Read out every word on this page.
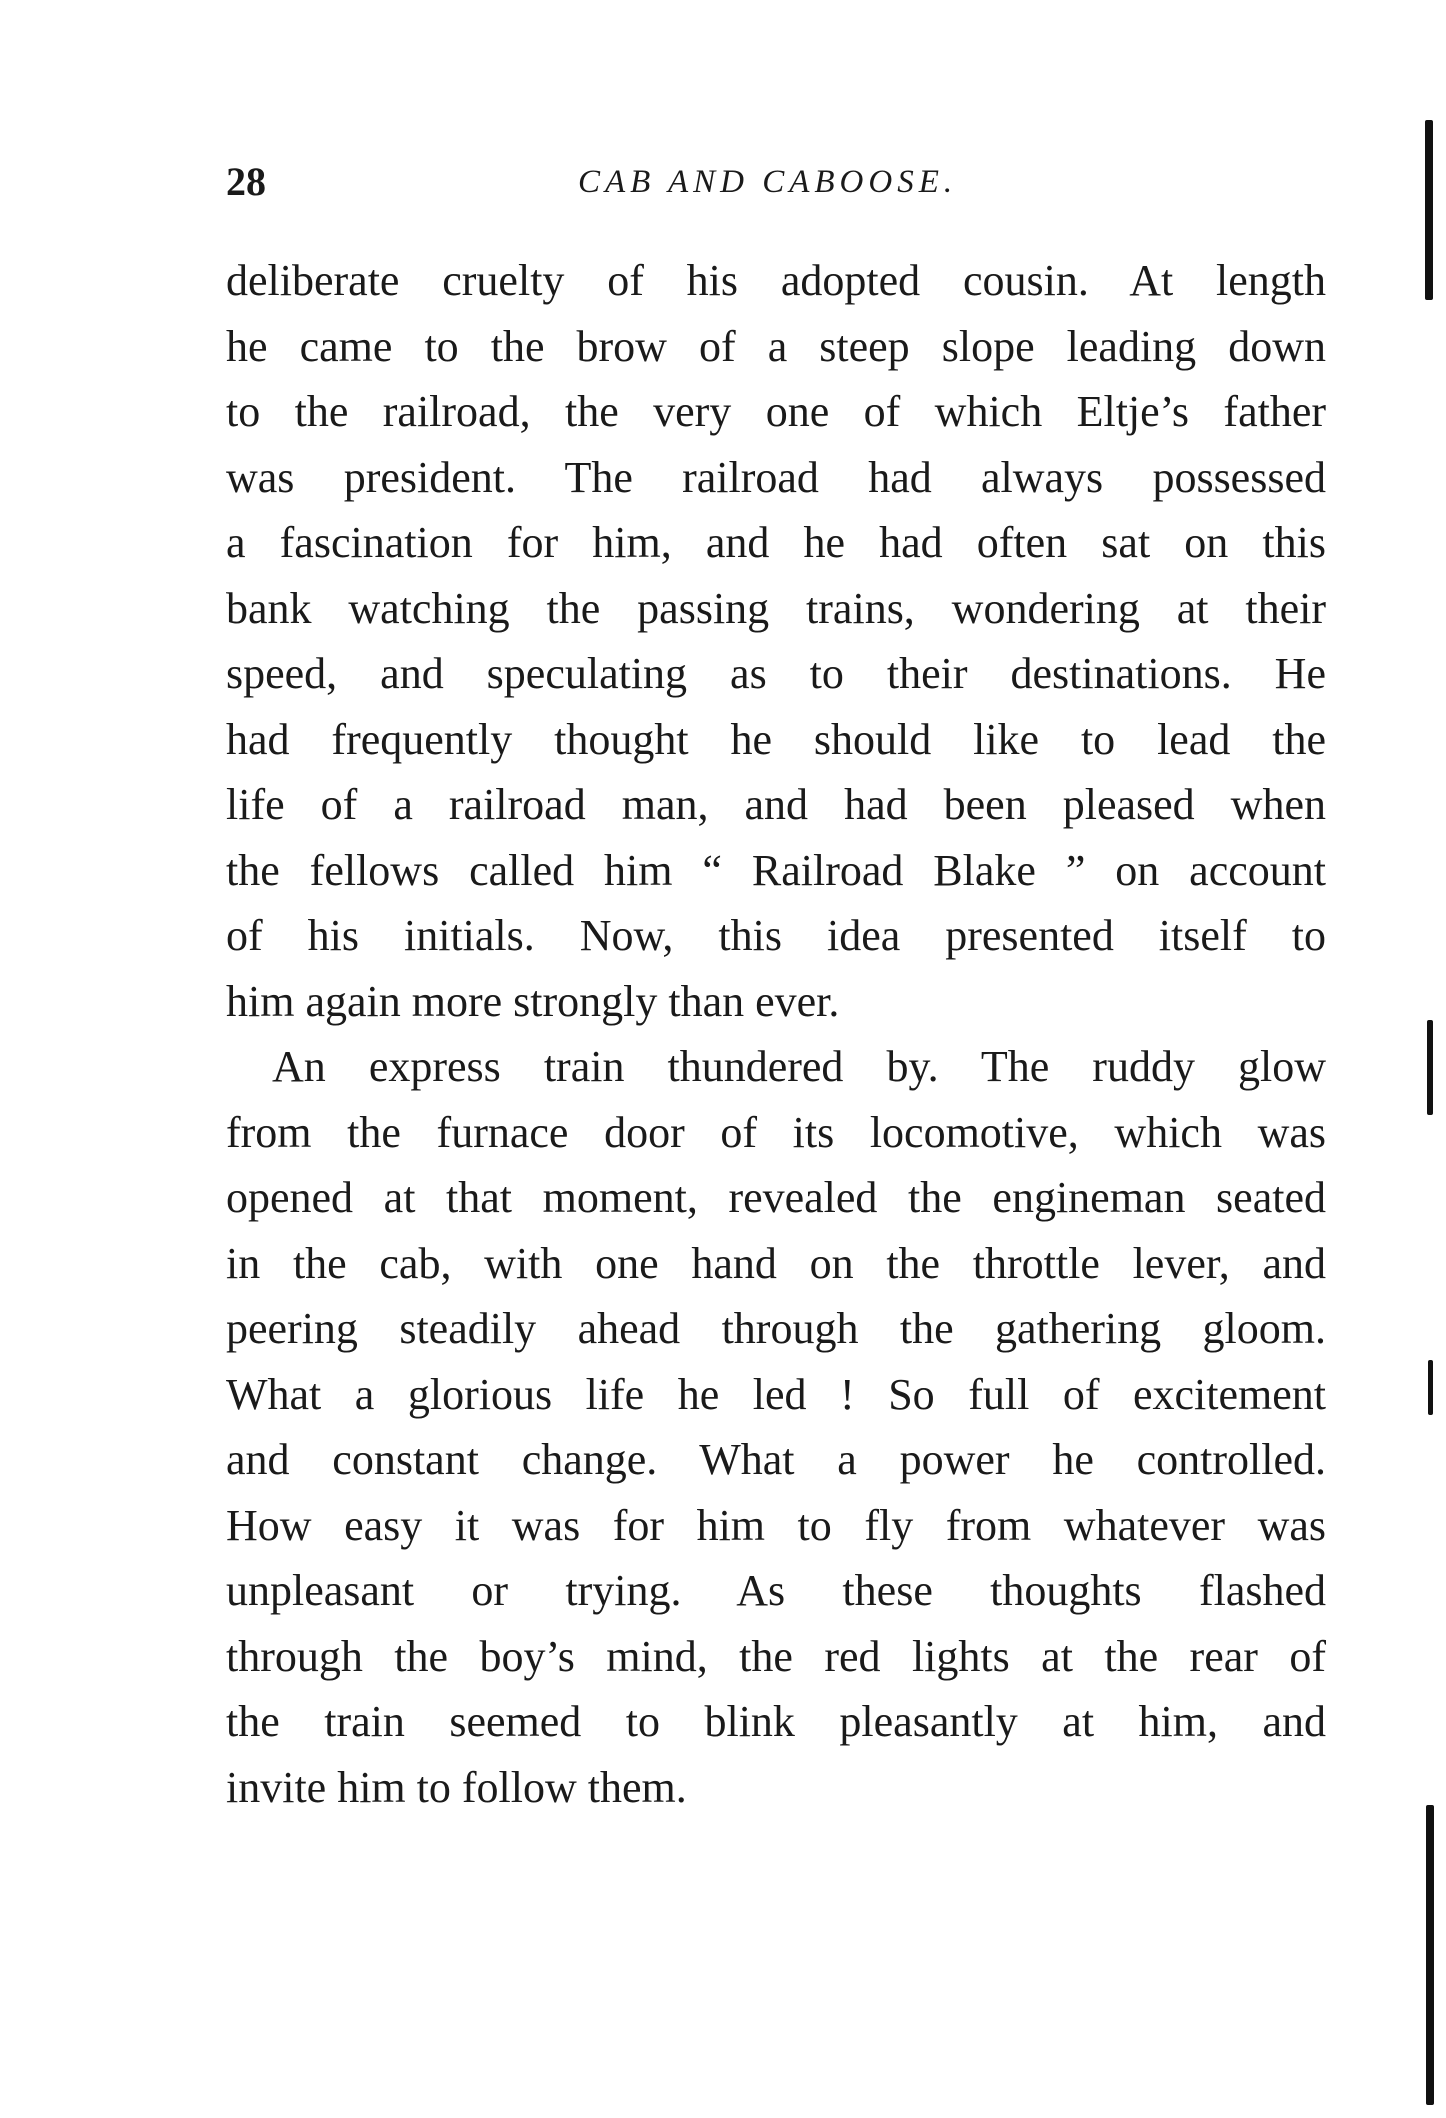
28	CAB AND CABOOSE.
deliberate cruelty of his adopted cousin. At length
he came to the brow of a steep slope leading down
to the railroad, the very one of which Eltje’s father
was president. The railroad had always possessed
a fascination for him, and he had often sat on this
bank watching the passing trains, wondering at their
speed, and speculating as to their destinations. He
had frequently thought he should like to lead the
life of a railroad man, and had been pleased when
the fellows called him “ Railroad Blake ” on account
of his initials. Now, this idea presented itself to
him again more strongly than ever.
An express train thundered by. The ruddy glow
from the furnace door of its locomotive, which was
opened at that moment, revealed the engineman seated
in the cab, with one hand on the throttle lever, and
peering steadily ahead through the gathering gloom.
What a glorious life he led ! So full of excitement
and constant change. What a power he controlled.
How easy it was for him to fly from whatever was
unpleasant or trying. As these thoughts flashed
through the boy’s mind, the red lights at the rear of
the train seemed to blink pleasantly at him, and
invite him to follow them.
